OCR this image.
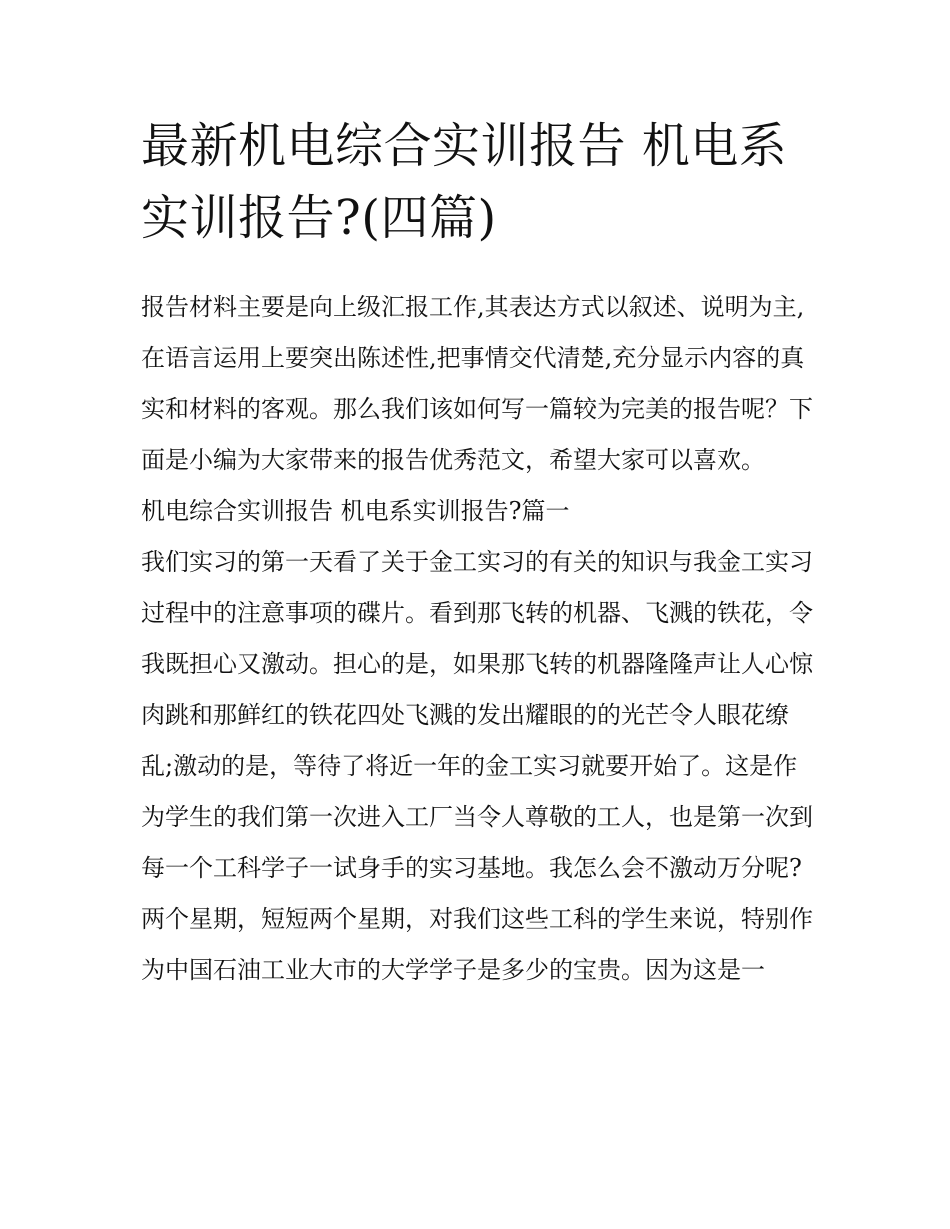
最新机电综合实训报告 机电系实训报告?(四篇)

报告材料主要是向上级汇报工作,其表达方式以叙述、说明为主,在语言运用上要突出陈述性,把事情交代清楚,充分显示内容的真实和材料的客观。那么我们该如何写一篇较为完美的报告呢？下面是小编为大家带来的报告优秀范文，希望大家可以喜欢。

机电综合实训报告 机电系实训报告?篇一

我们实习的第一天看了关于金工实习的有关的知识与我金工实习过程中的注意事项的碟片。看到那飞转的机器、飞溅的铁花，令我既担心又激动。担心的是，如果那飞转的机器隆隆声让人心惊肉跳和那鲜红的铁花四处飞溅的发出耀眼的的光芒令人眼花缭乱;激动的是，等待了将近一年的金工实习就要开始了。这是作为学生的我们第一次进入工厂当令人尊敬的工人，也是第一次到每一个工科学子一试身手的实习基地。我怎么会不激动万分呢?

两个星期，短短两个星期，对我们这些工科的学生来说，特别作为中国石油工业大市的大学学子是多少的宝贵。因为这是一
